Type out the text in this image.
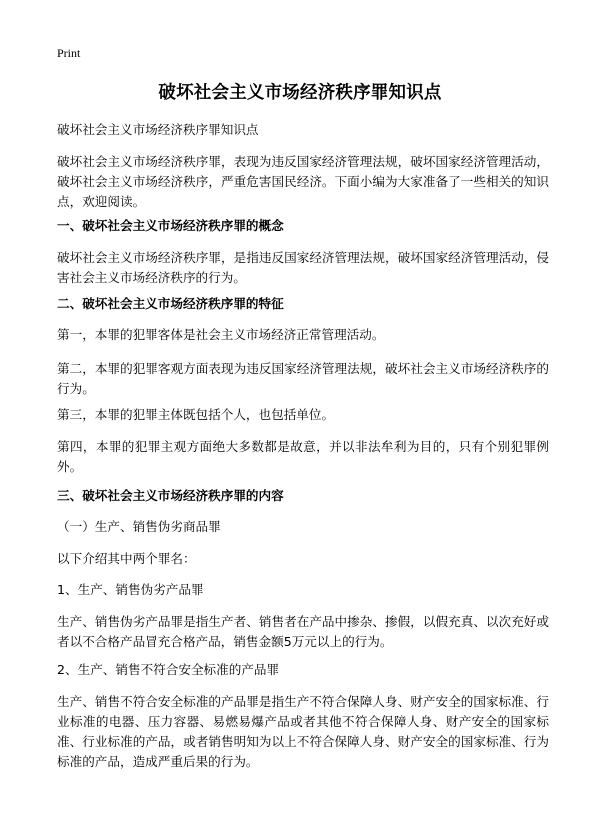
Print
破坏社会主义市场经济秩序罪知识点

破坏社会主义市场经济秩序罪知识点

破坏社会主义市场经济秩序罪，表现为违反国家经济管理法规，破坏国家经济管理活动，破坏社会主义市场经济秩序，严重危害国民经济。下面小编为大家准备了一些相关的知识点，欢迎阅读。

一、破坏社会主义市场经济秩序罪的概念

破坏社会主义市场经济秩序罪，是指违反国家经济管理法规，破坏国家经济管理活动，侵害社会主义市场经济秩序的行为。

二、破坏社会主义市场经济秩序罪的特征

第一，本罪的犯罪客体是社会主义市场经济正常管理活动。

第二，本罪的犯罪客观方面表现为违反国家经济管理法规，破坏社会主义市场经济秩序的行为。

第三，本罪的犯罪主体既包括个人，也包括单位。

第四，本罪的犯罪主观方面绝大多数都是故意，并以非法牟利为目的，只有个别犯罪例外。

三、破坏社会主义市场经济秩序罪的内容

（一）生产、销售伪劣商品罪

以下介绍其中两个罪名：

1、生产、销售伪劣产品罪

生产、销售伪劣产品罪是指生产者、销售者在产品中掺杂、掺假，以假充真、以次充好或者以不合格产品冒充合格产品，销售金额5万元以上的行为。

2、生产、销售不符合安全标准的产品罪

生产、销售不符合安全标准的产品罪是指生产不符合保障人身、财产安全的国家标准、行业标准的电器、压力容器、易燃易爆产品或者其他不符合保障人身、财产安全的国家标准、行业标准的产品，或者销售明知为以上不符合保障人身、财产安全的国家标准、行为标准的产品，造成严重后果的行为。
